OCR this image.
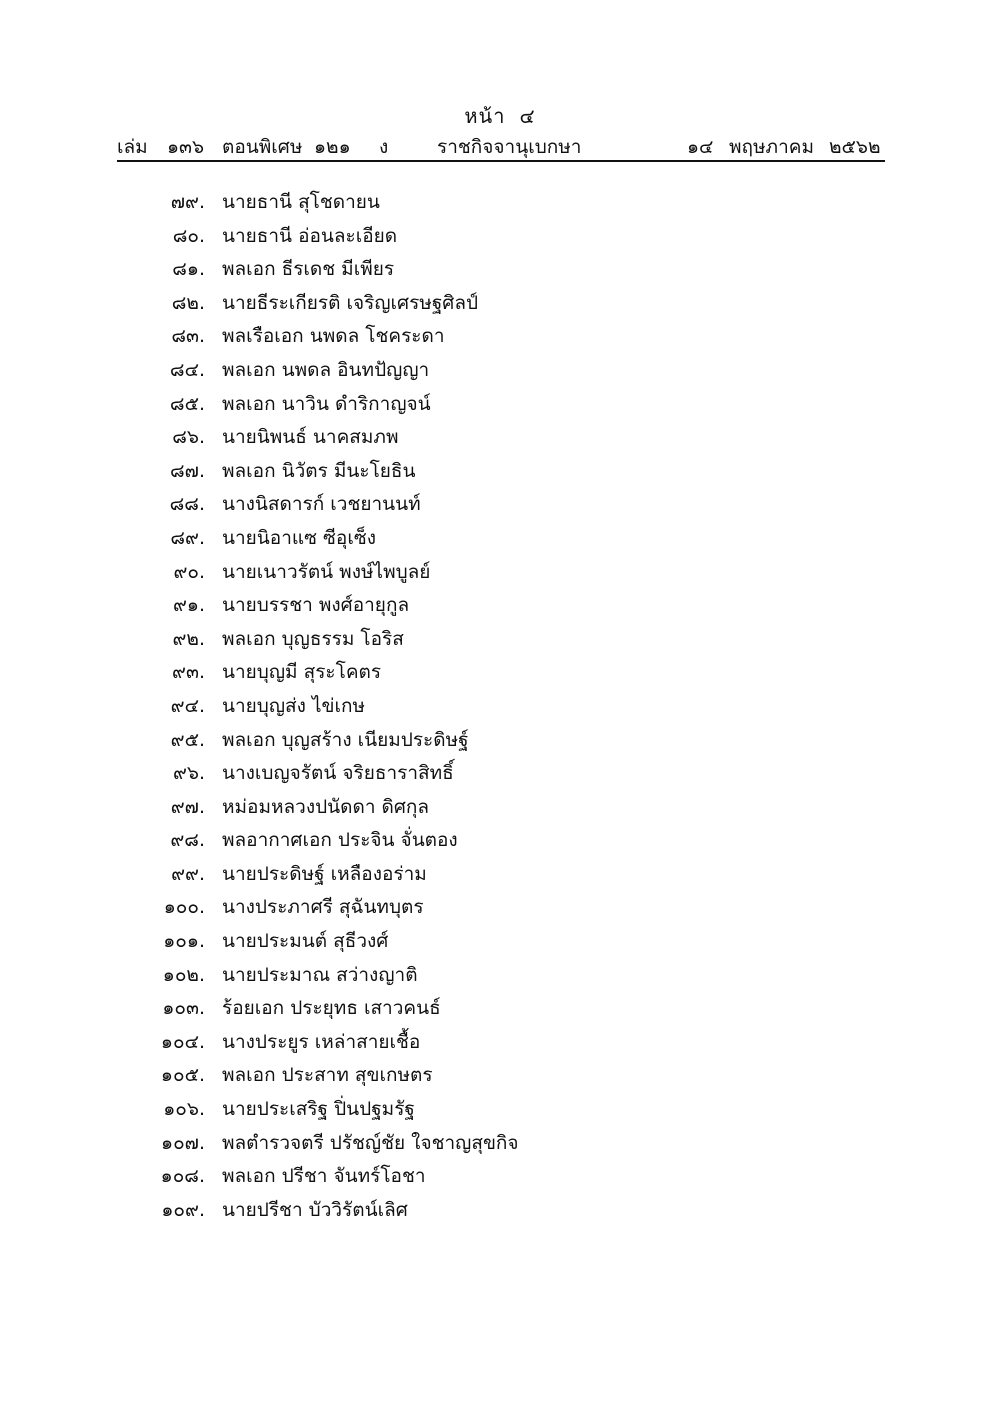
หน้า ๔
เล่ม ๑๓๖ ตอนพิเศษ ๑๒๑ ง	ราชกิจจานุเบกษา	๑๔ พฤษภาคม ๒๕๖๒
๗๙. นายธานี สุโชดายน
๘๐. นายธานี อ่อนละเอียด
๘๑. พลเอก ธีรเดช มีเพียร
๘๒. นายธีระเกียรติ เจริญเศรษฐศิลป์
๘๓. พลเรือเอก นพดล โชคระดา
๘๔. พลเอก นพดล อินทปัญญา
๘๕. พลเอก นาวิน ดำริกาญจน์
๘๖. นายนิพนธ์ นาคสมภพ
๘๗. พลเอก นิวัตร มีนะโยธิน
๘๘. นางนิสดารก์ เวชยานนท์
๘๙. นายนิอาแซ ซีอุเซ็ง
๙๐. นายเนาวรัตน์ พงษ์ไพบูลย์
๙๑. นายบรรชา พงศ์อายุกูล
๙๒. พลเอก บุญธรรม โอริส
๙๓. นายบุญมี สุระโคตร
๙๔. นายบุญส่ง ไข่เกษ
๙๕. พลเอก บุญสร้าง เนียมประดิษฐ์
๙๖. นางเบญจรัตน์ จริยธาราสิทธิ์
๙๗. หม่อมหลวงปนัดดา ดิศกุล
๙๘. พลอากาศเอก ประจิน จั่นตอง
๙๙. นายประดิษฐ์ เหลืองอร่าม
๑๐๐. นางประภาศรี สุฉันทบุตร
๑๐๑. นายประมนต์ สุธีวงศ์
๑๐๒. นายประมาณ สว่างญาติ
๑๐๓. ร้อยเอก ประยุทธ เสาวคนธ์
๑๐๔. นางประยูร เหล่าสายเชื้อ
๑๐๕. พลเอก ประสาท สุขเกษตร
๑๐๖. นายประเสริฐ ปิ่นปฐมรัฐ
๑๐๗. พลตำรวจตรี ปรัชญ์ชัย ใจชาญสุขกิจ
๑๐๘. พลเอก ปรีชา จันทร์โอชา
๑๐๙. นายปรีชา บัววิรัตน์เลิศ
